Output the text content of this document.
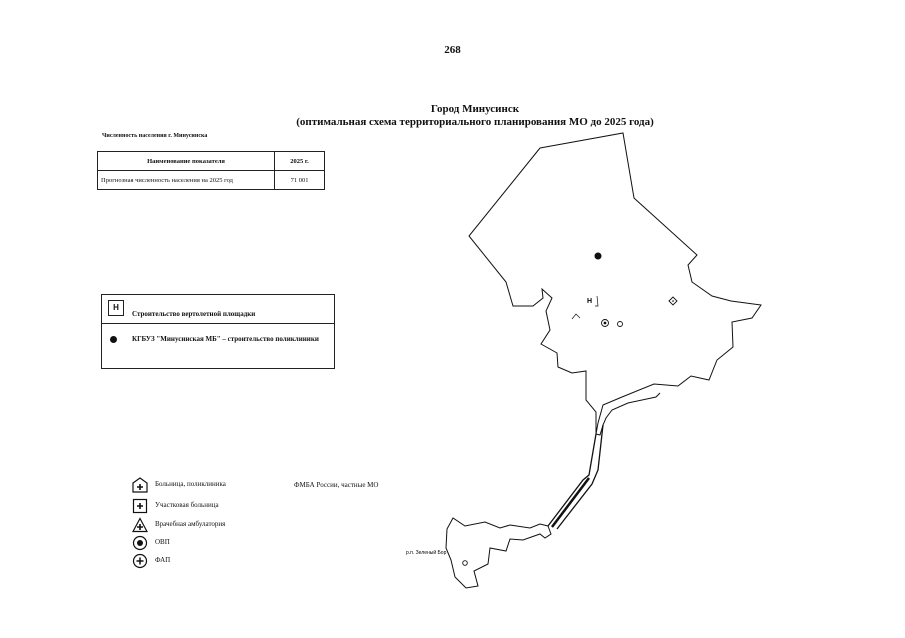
268
Город Минусинск
(оптимальная схема территориального планирования МО до 2025 года)
Численность населения г. Минусинска
Наименование показателя	2025 г.
Прогнозная численность населения на 2025 год	71 001
H
Строительство вертолетной площадки
КГБУЗ "Минусинская МБ" – строительство поликлиники
Больница, поликлиника
Участковая больница
Врачебная амбулатория
ОВП
ФАП
ФМБА России, частные МО
H
р.п. Зеленый Бор
